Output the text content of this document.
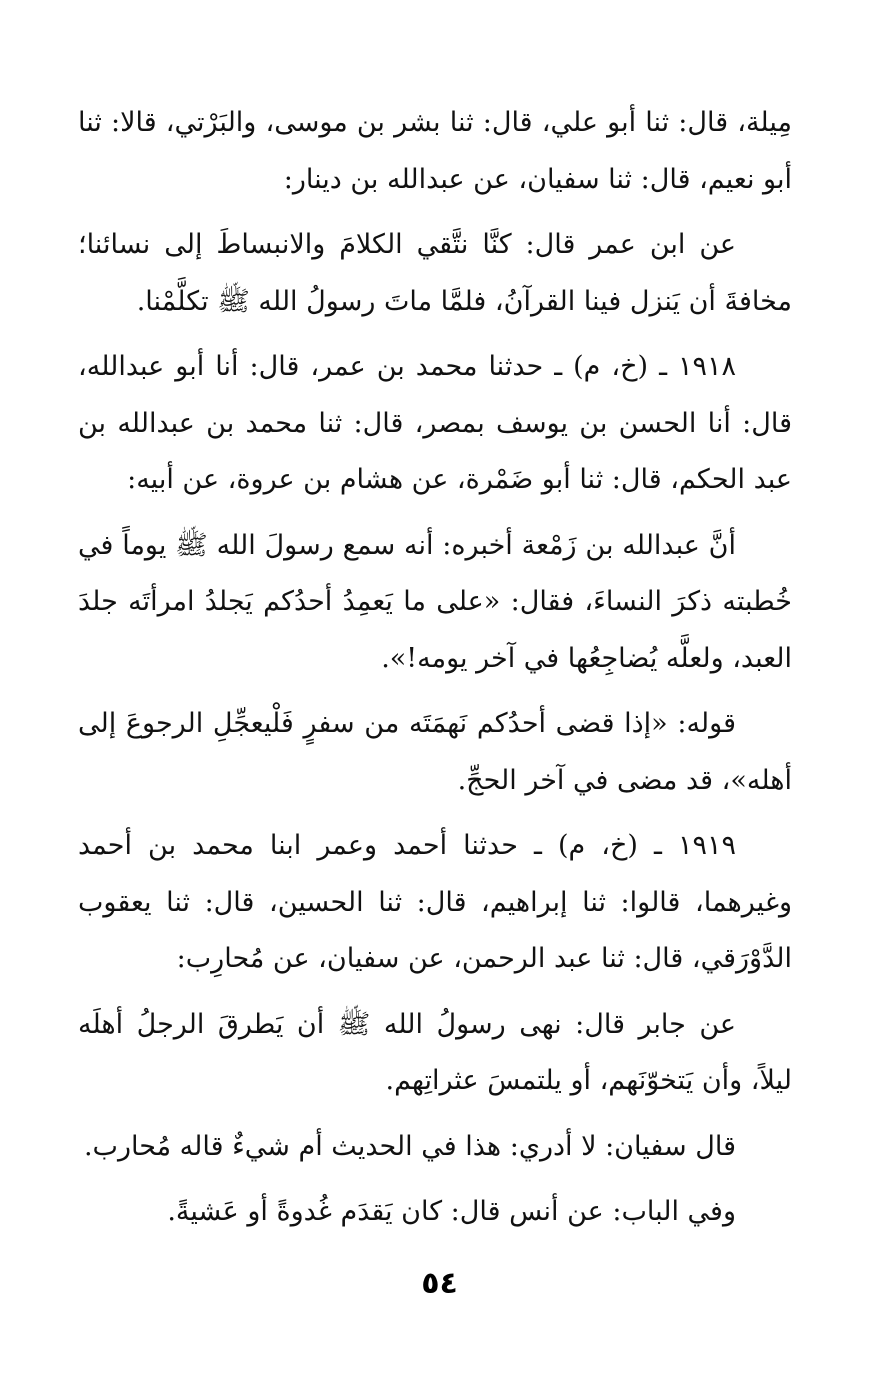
مِيلة، قال: ثنا أبو علي، قال: ثنا بشر بن موسى، والبَرْتي، قالا: ثنا أبو نعيم، قال: ثنا سفيان، عن عبدالله بن دينار:

عن ابن عمر قال: كنَّا نتَّقي الكلامَ والانبساطَ إلى نسائنا؛ مخافةَ أن يَنزل فينا القرآنُ، فلمَّا ماتَ رسولُ الله ﷺ تكلَّمْنا.

١٩١٨ ـ (خ، م) ـ حدثنا محمد بن عمر، قال: أنا أبو عبدالله، قال: أنا الحسن بن يوسف بمصر، قال: ثنا محمد بن عبدالله بن عبد الحكم، قال: ثنا أبو ضَمْرة، عن هشام بن عروة، عن أبيه:

أنَّ عبدالله بن زَمْعة أخبره: أنه سمع رسولَ الله ﷺ يوماً في خُطبته ذكرَ النساءَ، فقال: «على ما يَعمِدُ أحدُكم يَجلدُ امرأتَه جلدَ العبد، ولعلَّه يُضاجِعُها في آخر يومه!».

قوله: «إذا قضى أحدُكم نَهمَتَه من سفرٍ فَلْيعجِّلِ الرجوعَ إلى أهله»، قد مضى في آخر الحجِّ.

١٩١٩ ـ (خ، م) ـ حدثنا أحمد وعمر ابنا محمد بن أحمد وغيرهما، قالوا: ثنا إبراهيم، قال: ثنا الحسين، قال: ثنا يعقوب الدَّوْرَقي، قال: ثنا عبد الرحمن، عن سفيان، عن مُحارِب:

عن جابر قال: نهى رسولُ الله ﷺ أن يَطرقَ الرجلُ أهلَه ليلاً، وأن يَتخوّنَهم، أو يلتمسَ عثراتِهم.

قال سفيان: لا أدري: هذا في الحديث أم شيءٌ قاله مُحارب.

وفي الباب: عن أنس قال: كان يَقدَم غُدوةً أو عَشيةً.

٥٤
